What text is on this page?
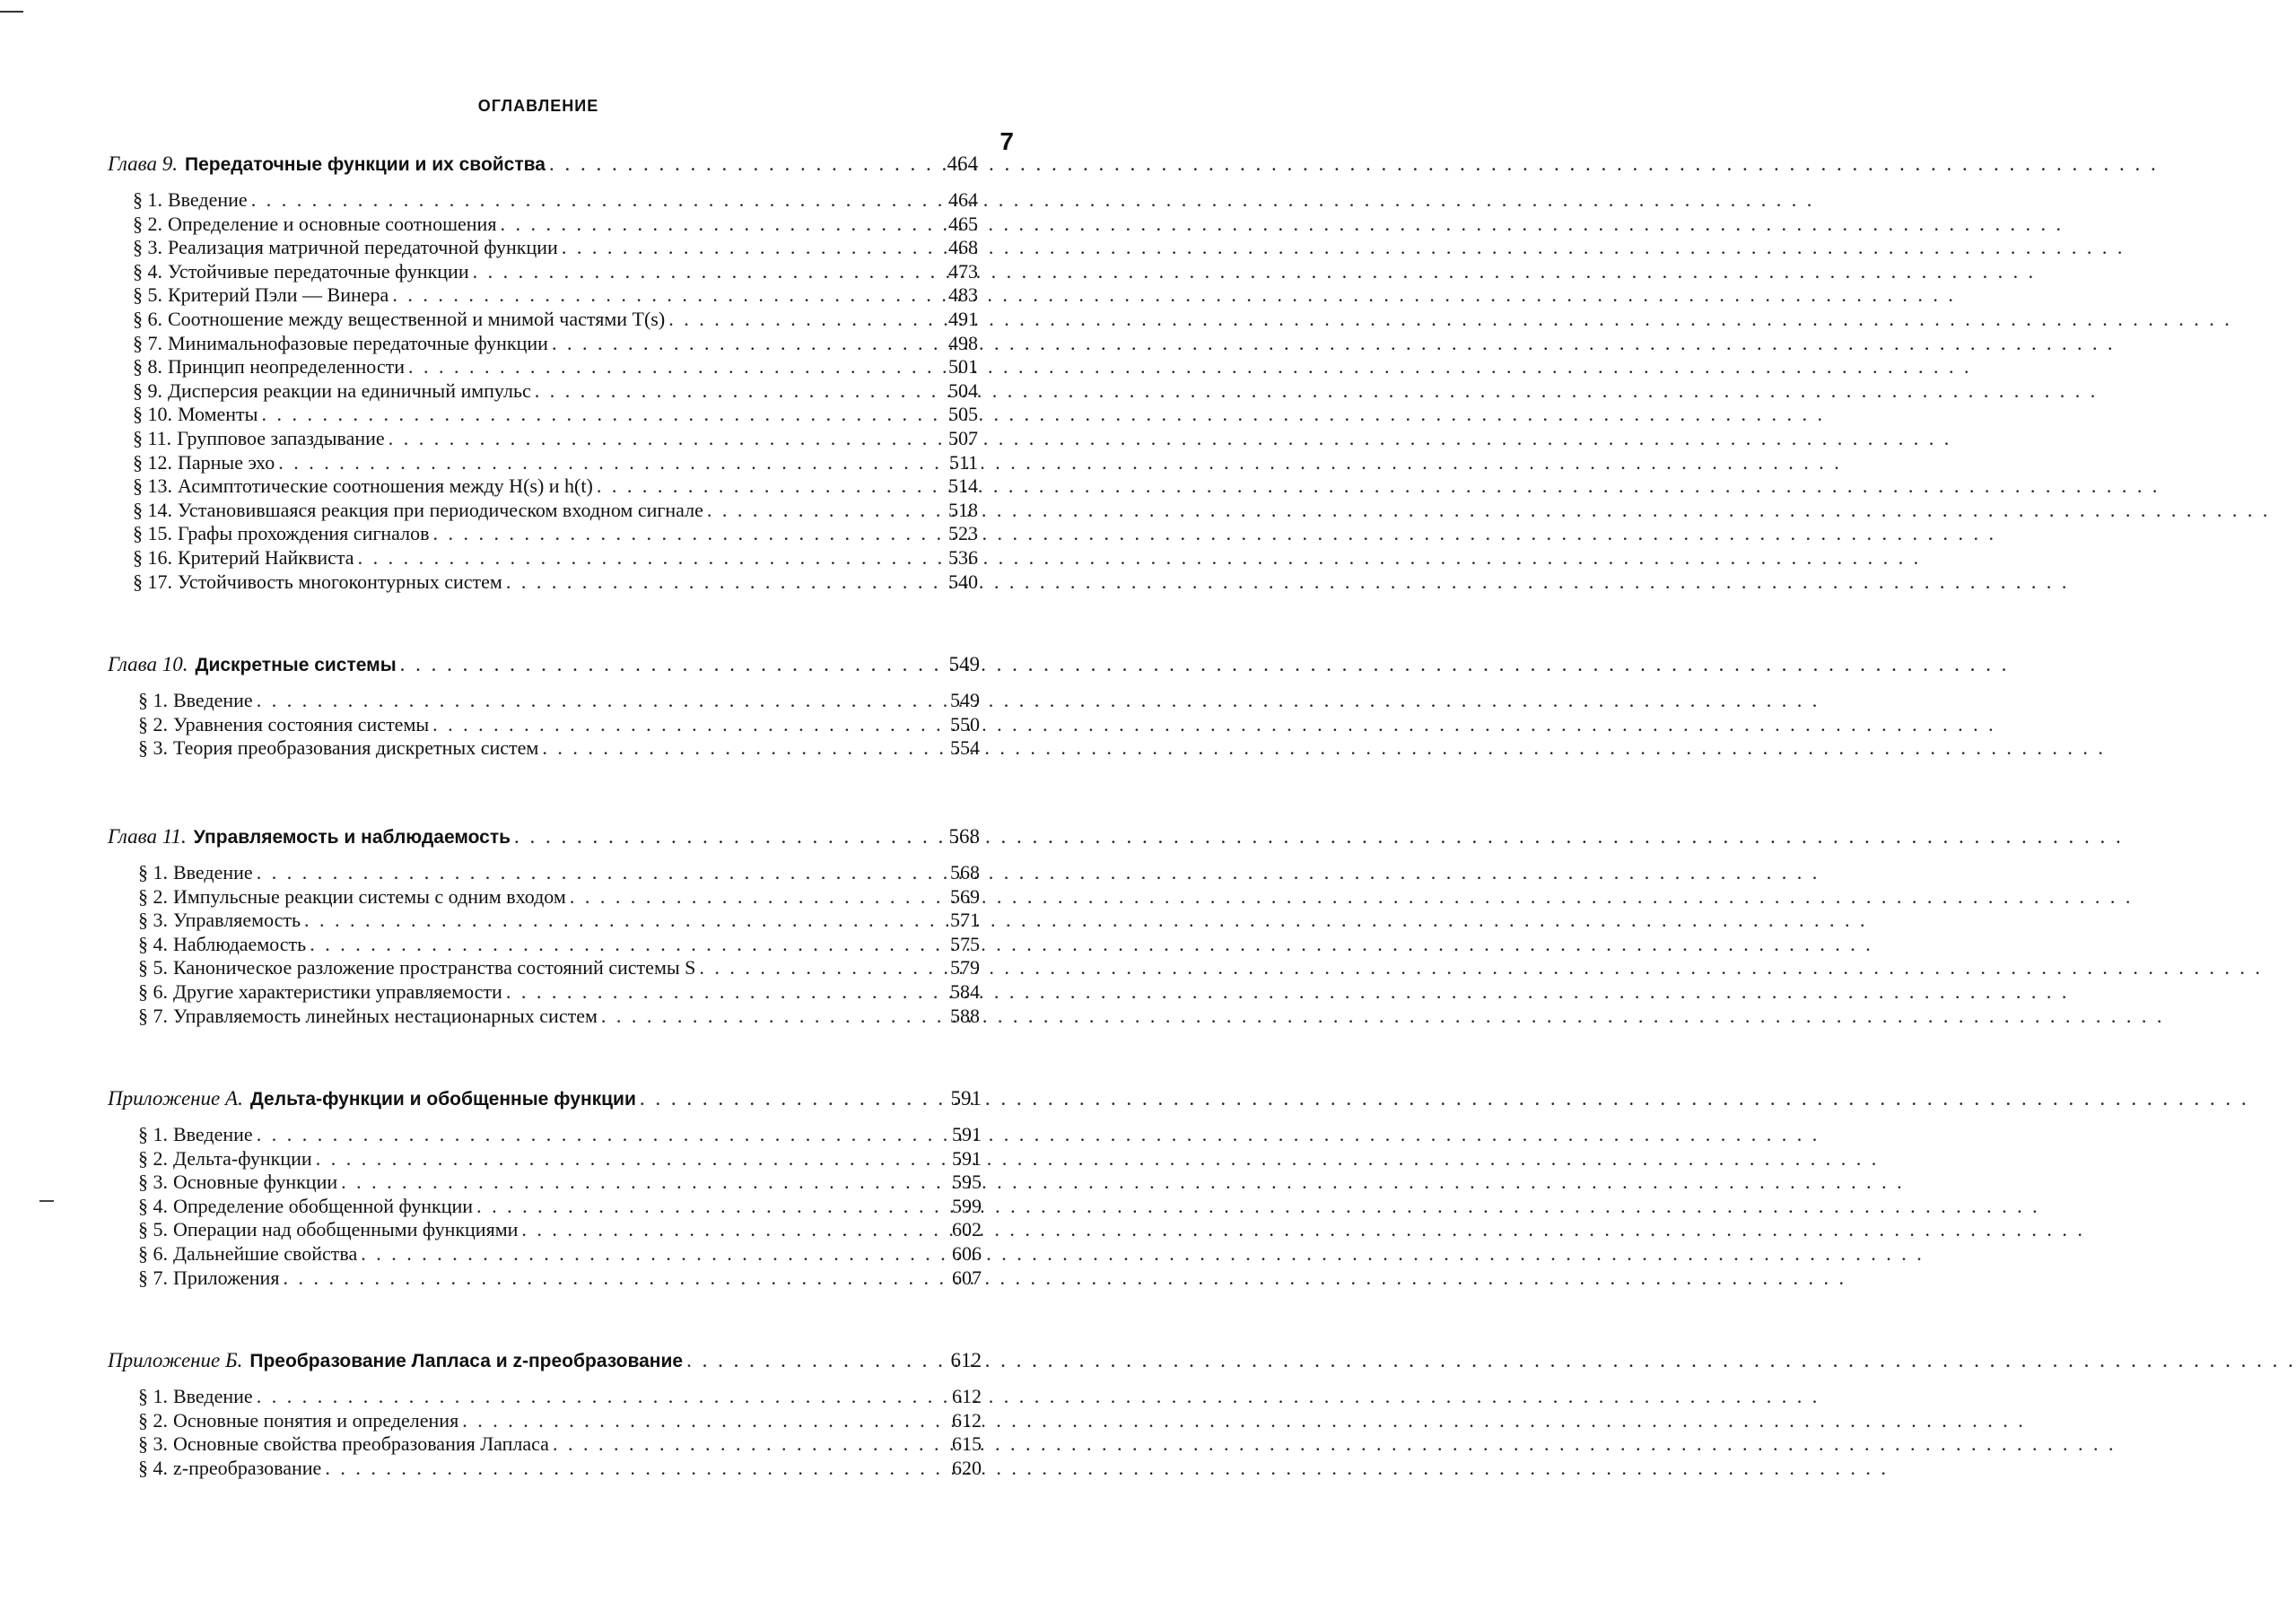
ОГЛАВЛЕНИЕ
7
Глава 9. Передаточные функции и их свойства . . .	464
§ 1. Введение . . .	464
§ 2. Определение и основные соотношения . . .	465
§ 3. Реализация матричной передаточной функции . . .	468
§ 4. Устойчивые передаточные функции . . .	473
§ 5. Критерий Пэли — Винера . . .	483
§ 6. Соотношение между вещественной и мнимой частями T(s) . . .	491
§ 7. Минимальнофазовые передаточные функции . . .	498
§ 8. Принцип неопределенности . . .	501
§ 9. Дисперсия реакции на единичный импульс . . .	504
§ 10. Моменты . . .	505
§ 11. Групповое запаздывание . . .	507
§ 12. Парные эхо . . .	511
§ 13. Асимптотические соотношения между H(s) и h(t) . . .	514
§ 14. Установившаяся реакция при периодическом входном сигнале . . .	518
§ 15. Графы прохождения сигналов . . .	523
§ 16. Критерий Найквиста . . .	536
§ 17. Устойчивость многоконтурных систем . . .	540
Глава 10. Дискретные системы . . .	549
§ 1. Введение . . .	549
§ 2. Уравнения состояния системы . . .	550
§ 3. Теория преобразования дискретных систем . . .	554
Глава 11. Управляемость и наблюдаемость . . .	568
§ 1. Введение . . .	568
§ 2. Импульсные реакции системы с одним входом . . .	569
§ 3. Управляемость . . .	571
§ 4. Наблюдаемость . . .	575
§ 5. Каноническое разложение пространства состояний системы S . . .	579
§ 6. Другие характеристики управляемости . . .	584
§ 7. Управляемость линейных нестационарных систем . . .	588
Приложение А. Дельта-функции и обобщенные функции . . .	591
§ 1. Введение . . .	591
§ 2. Дельта-функции . . .	591
§ 3. Основные функции . . .	595
§ 4. Определение обобщенной функции . . .	599
§ 5. Операции над обобщенными функциями . . .	602
§ 6. Дальнейшие свойства . . .	606
§ 7. Приложения . . .	607
Приложение Б. Преобразование Лапласа и z-преобразование . . .	612
§ 1. Введение . . .	612
§ 2. Основные понятия и определения . . .	612
§ 3. Основные свойства преобразования Лапласа . . .	615
§ 4. z-преобразование . . .	620
